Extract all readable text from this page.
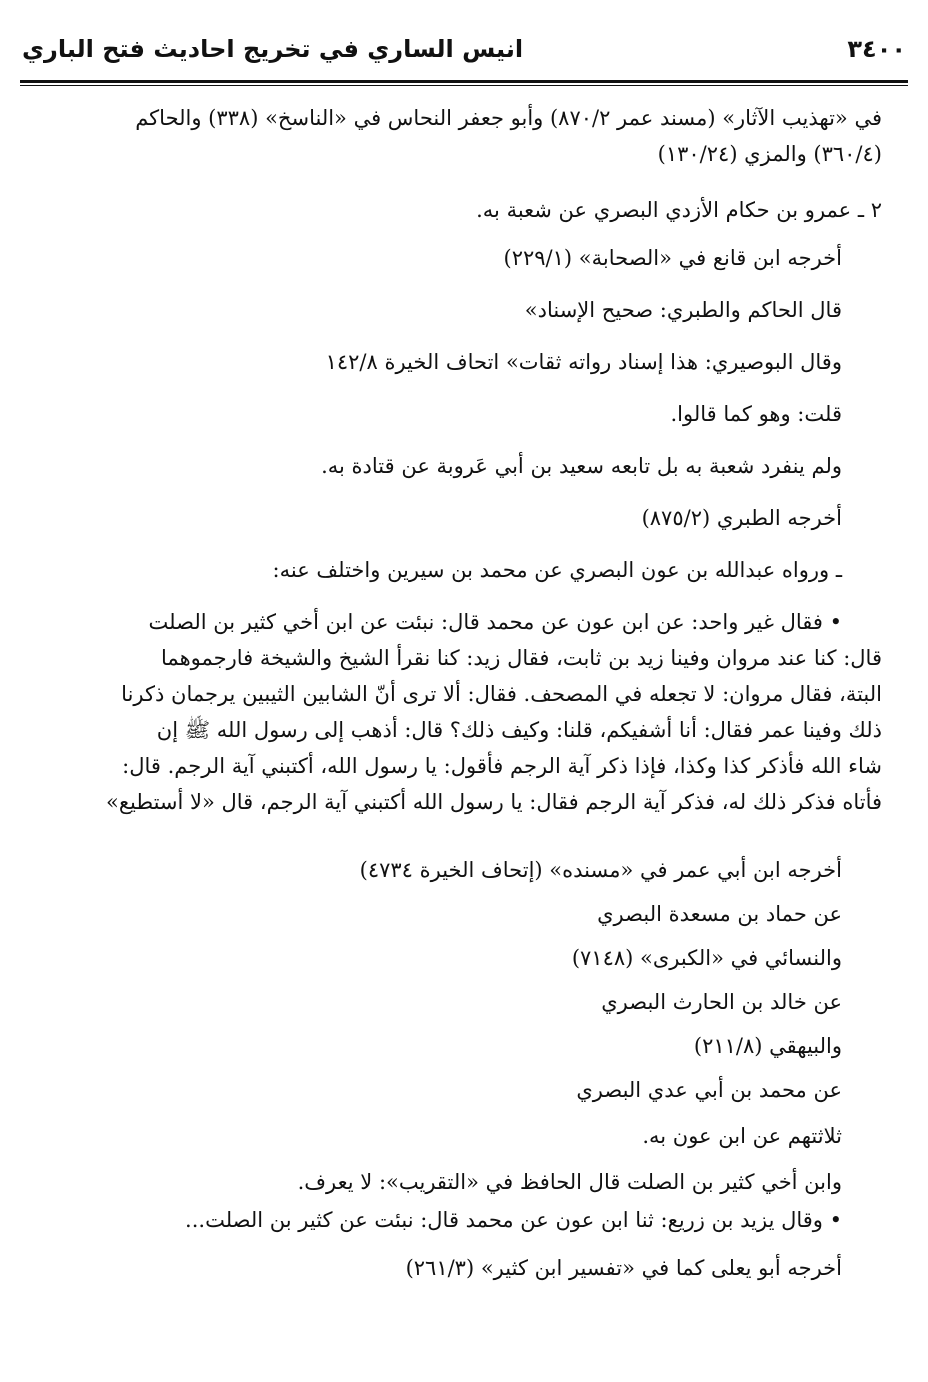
٣٤٠٠
انيس الساري في تخريج احاديث فتح الباري
في «تهذيب الآثار» (مسند عمر ٨٧٠/٢) وأبو جعفر النحاس في «الناسخ» (٣٣٨) والحاكم
(٣٦٠/٤) والمزي (١٣٠/٢٤)
٢ ـ عمرو بن حكام الأزدي البصري عن شعبة به.
أخرجه ابن قانع في «الصحابة» (٢٢٩/١)
قال الحاكم والطبري: صحيح الإسناد»
وقال البوصيري: هذا إسناد رواته ثقات» اتحاف الخيرة ١٤٢/٨
قلت: وهو كما قالوا.
ولم ينفرد شعبة به بل تابعه سعيد بن أبي عَروبة عن قتادة به.
أخرجه الطبري (٨٧٥/٢)
ـ ورواه عبدالله بن عون البصري عن محمد بن سيرين واختلف عنه:
• فقال غير واحد: عن ابن عون عن محمد قال: نبئت عن ابن أخي كثير بن الصلت
قال: كنا عند مروان وفينا زيد بن ثابت، فقال زيد: كنا نقرأ الشيخ والشيخة فارجموهما
البتة، فقال مروان: لا تجعله في المصحف. فقال: ألا ترى أنّ الشابين الثيبين يرجمان ذكرنا
ذلك وفينا عمر فقال: أنا أشفيكم، قلنا: وكيف ذلك؟ قال: أذهب إلى رسول الله ﷺ إن
شاء الله فأذكر كذا وكذا، فإذا ذكر آية الرجم فأقول: يا رسول الله، أكتبني آية الرجم. قال:
فأتاه فذكر ذلك له، فذكر آية الرجم فقال: يا رسول الله أكتبني آية الرجم، قال «لا أستطيع»
أخرجه ابن أبي عمر في «مسنده» (إتحاف الخيرة ٤٧٣٤)
عن حماد بن مسعدة البصري
والنسائي في «الكبرى» (٧١٤٨)
عن خالد بن الحارث البصري
والبيهقي (٢١١/٨)
عن محمد بن أبي عدي البصري
ثلاثتهم عن ابن عون به.
وابن أخي كثير بن الصلت قال الحافظ في «التقريب»: لا يعرف.
• وقال يزيد بن زريع: ثنا ابن عون عن محمد قال: نبئت عن كثير بن الصلت...
أخرجه أبو يعلى كما في «تفسير ابن كثير» (٢٦١/٣)
